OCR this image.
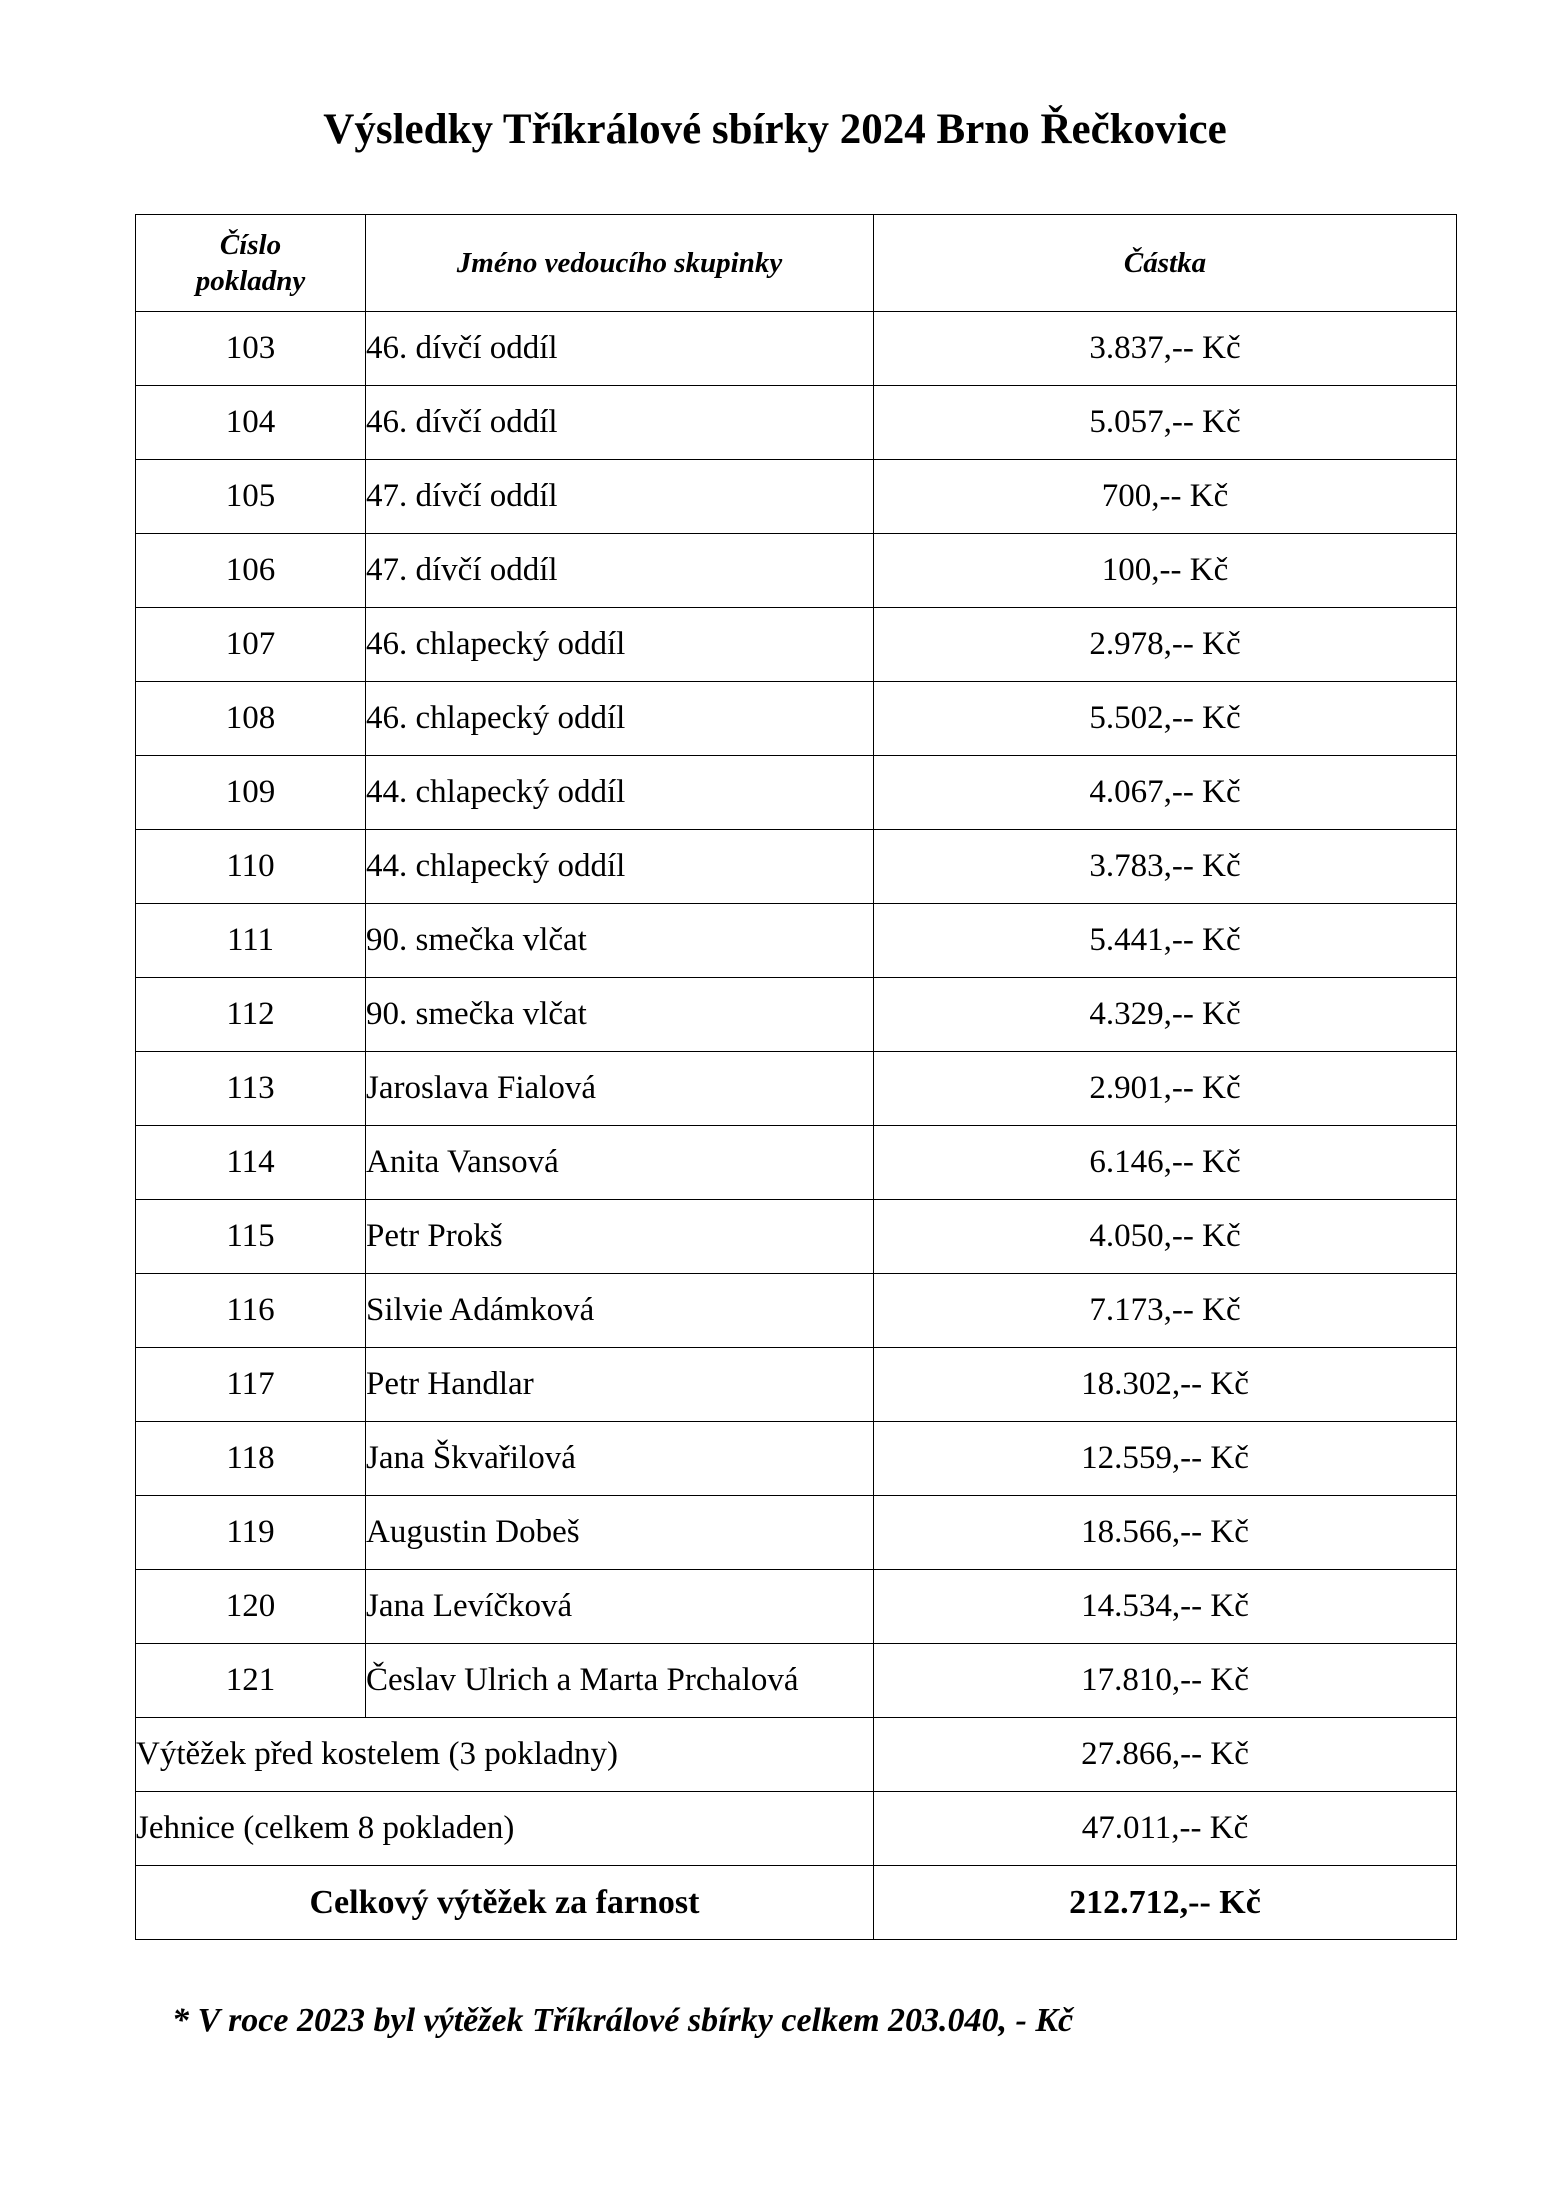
Výsledky Tříkrálové sbírky 2024 Brno Řečkovice
Číslo
pokladny	Jméno vedoucího skupinky	Částka
103	46. dívčí oddíl	3.837,-- Kč
104	46. dívčí oddíl	5.057,-- Kč
105	47. dívčí oddíl	700,-- Kč
106	47. dívčí oddíl	100,-- Kč
107	46. chlapecký oddíl	2.978,-- Kč
108	46. chlapecký oddíl	5.502,-- Kč
109	44. chlapecký oddíl	4.067,-- Kč
110	44. chlapecký oddíl	3.783,-- Kč
111	90. smečka vlčat	5.441,-- Kč
112	90. smečka vlčat	4.329,-- Kč
113	Jaroslava Fialová	2.901,-- Kč
114	Anita Vansová	6.146,-- Kč
115	Petr Prokš	4.050,-- Kč
116	Silvie Adámková	7.173,-- Kč
117	Petr Handlar	18.302,-- Kč
118	Jana Škvařilová	12.559,-- Kč
119	Augustin Dobeš	18.566,-- Kč
120	Jana Levíčková	14.534,-- Kč
121	Česlav Ulrich a Marta Prchalová	17.810,-- Kč
Výtěžek před kostelem (3 pokladny)		27.866,-- Kč
Jehnice (celkem 8 pokladen)		47.011,-- Kč
Celkový výtěžek za farnost		212.712,-- Kč
* V roce 2023 byl výtěžek Tříkrálové sbírky celkem 203.040, - Kč
